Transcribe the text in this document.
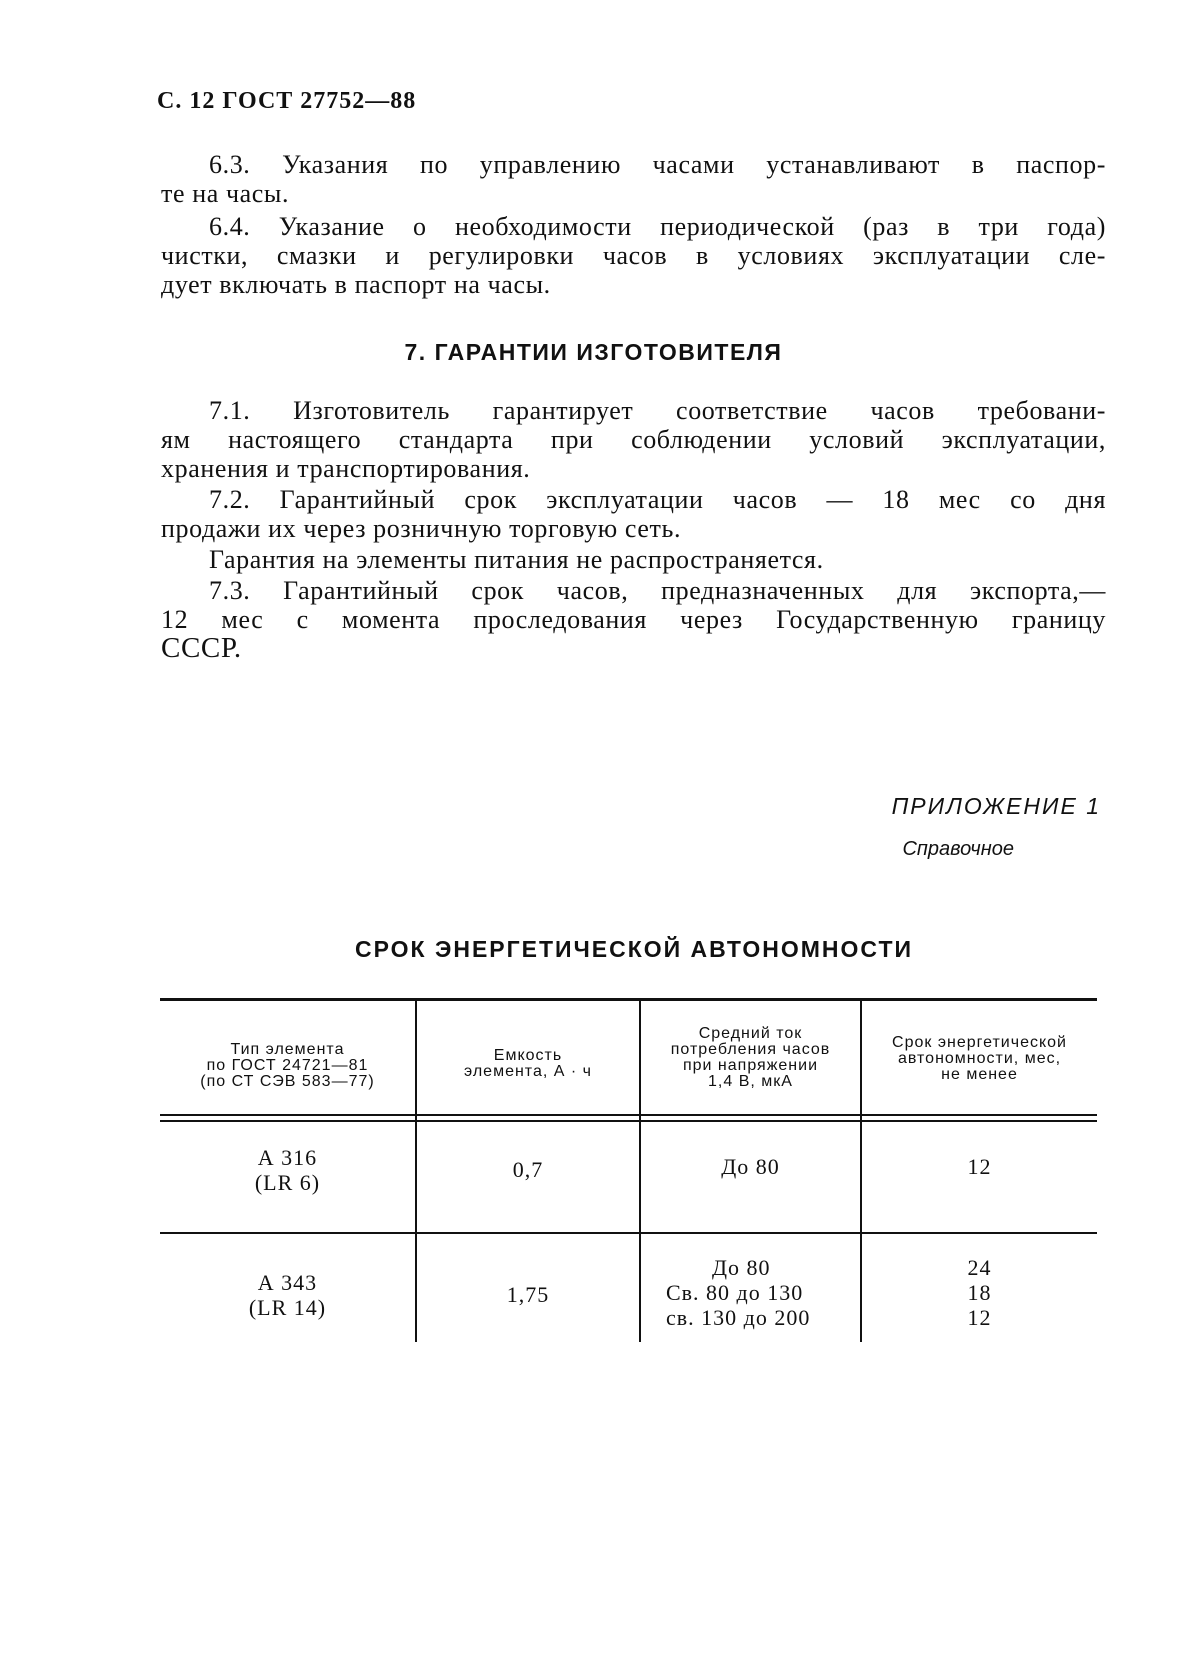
С. 12 ГОСТ 27752—88
6.3. Указания по управлению часами устанавливают в паспор-
те на часы.
6.4. Указание о необходимости периодической (раз в три года)
чистки, смазки и регулировки часов в условиях эксплуатации сле-
дует включать в паспорт на часы.
7. ГАРАНТИИ ИЗГОТОВИТЕЛЯ
7.1. Изготовитель гарантирует соответствие часов требовани-
ям настоящего стандарта при соблюдении условий эксплуатации,
хранения и транспортирования.
7.2. Гарантийный срок эксплуатации часов — 18 мес со дня
продажи их через розничную торговую сеть.
Гарантия на элементы питания не распространяется.
7.3. Гарантийный срок часов, предназначенных для экспорта,—
12 мес с момента проследования через Государственную границу
СССР.
ПРИЛОЖЕНИЕ 1
Справочное
СРОК ЭНЕРГЕТИЧЕСКОЙ АВТОНОМНОСТИ
Тип элемента
по ГОСТ 24721—81
(по СТ СЭВ 583—77)
Емкость
элемента, А · ч
Средний ток
потребления часов
при напряжении
1,4 В, мкА
Срок энергетической
автономности, мес,
не менее
А 316
(LR 6)
0,7	До 80	12
А 343
(LR 14)
1,75
До 80
Св. 80 до 130
св. 130 до 200
24
18
12
